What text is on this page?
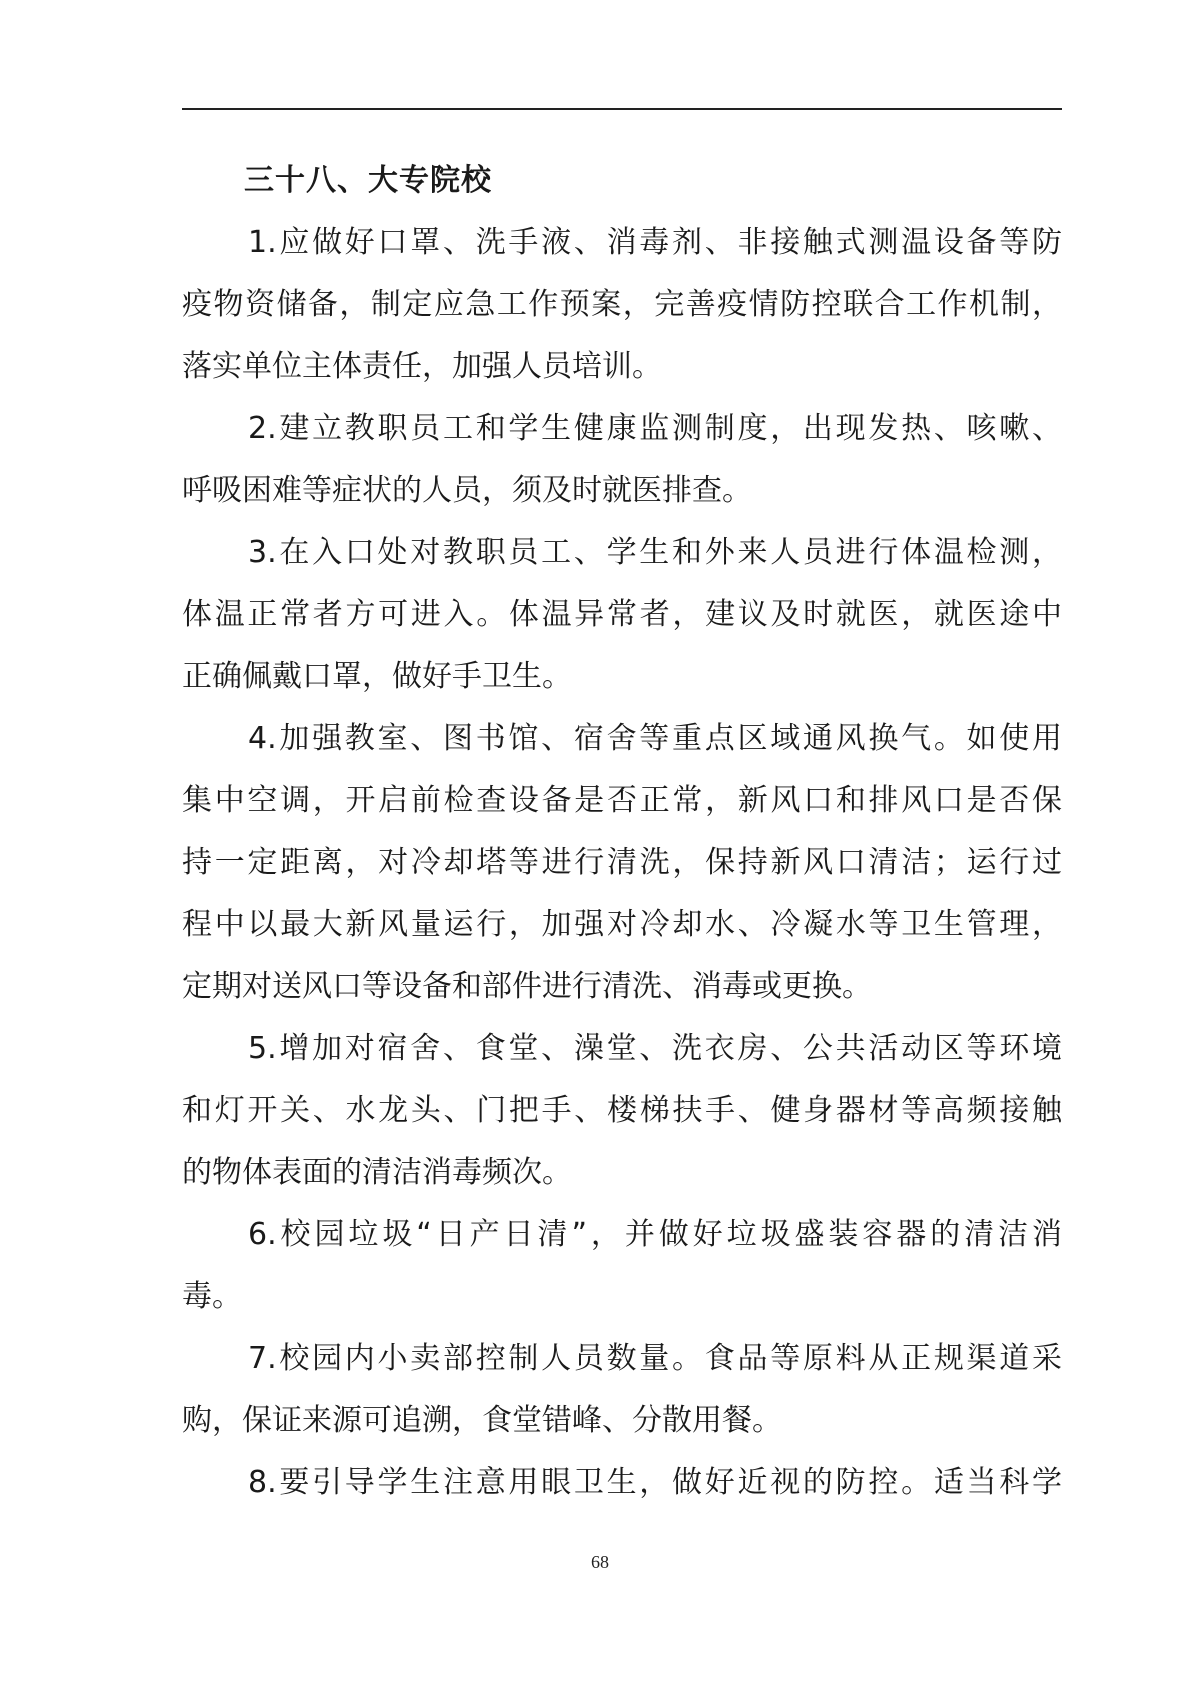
三十八、大专院校
1.应做好口罩、洗手液、消毒剂、非接触式测温设备等防
疫物资储备，制定应急工作预案，完善疫情防控联合工作机制，
落实单位主体责任，加强人员培训。
2.建立教职员工和学生健康监测制度，出现发热、咳嗽、
呼吸困难等症状的人员，须及时就医排查。
3.在入口处对教职员工、学生和外来人员进行体温检测，
体温正常者方可进入。体温异常者，建议及时就医，就医途中
正确佩戴口罩，做好手卫生。
4.加强教室、图书馆、宿舍等重点区域通风换气。如使用
集中空调，开启前检查设备是否正常，新风口和排风口是否保
持一定距离，对冷却塔等进行清洗，保持新风口清洁；运行过
程中以最大新风量运行，加强对冷却水、冷凝水等卫生管理，
定期对送风口等设备和部件进行清洗、消毒或更换。
5.增加对宿舍、食堂、澡堂、洗衣房、公共活动区等环境
和灯开关、水龙头、门把手、楼梯扶手、健身器材等高频接触
的物体表面的清洁消毒频次。
6.校园垃圾“日产日清”，并做好垃圾盛装容器的清洁消
毒。
7.校园内小卖部控制人员数量。食品等原料从正规渠道采
购，保证来源可追溯，食堂错峰、分散用餐。
8.要引导学生注意用眼卫生，做好近视的防控。适当科学
68
